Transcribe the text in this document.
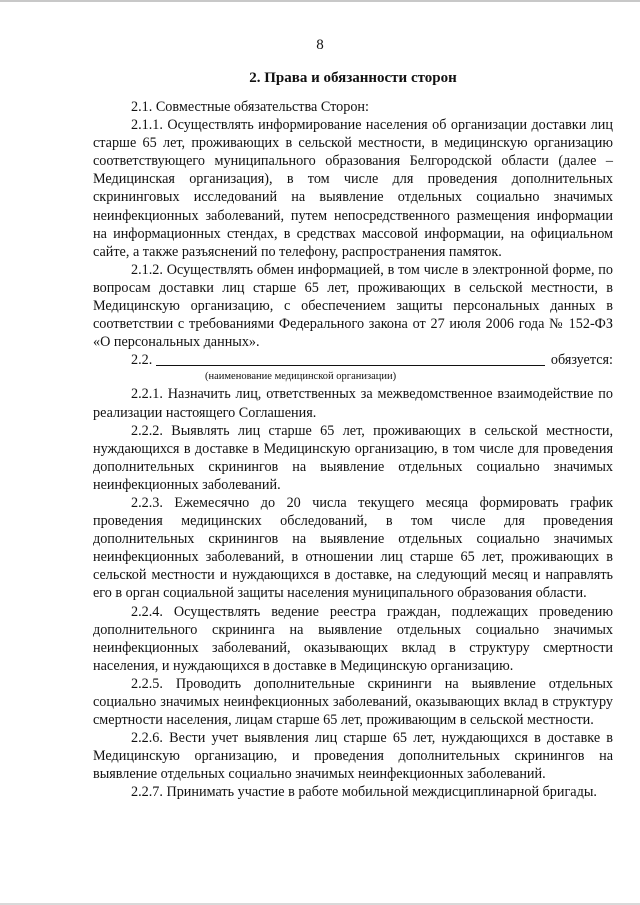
8
2. Права и обязанности сторон

2.1. Совместные обязательства Сторон:

2.1.1. Осуществлять информирование населения об организации доставки лиц старше 65 лет, проживающих в сельской местности, в медицинскую организацию соответствующего муниципального образования Белгородской области (далее – Медицинская организация), в том числе для проведения дополнительных скрининговых исследований на выявление отдельных социально значимых неинфекционных заболеваний, путем непосредственного размещения информации на информационных стендах, в средствах массовой информации, на официальном сайте, а также разъяснений по телефону, распространения памяток.

2.1.2. Осуществлять обмен информацией, в том числе в электронной форме, по вопросам доставки лиц старше 65 лет, проживающих в сельской местности, в Медицинскую организацию, с обеспечением защиты персональных данных в соответствии с требованиями Федерального закона от 27 июля 2006 года № 152-ФЗ «О персональных данных».

2.2.	обязуется:
(наименование медицинской организации)

2.2.1. Назначить лиц, ответственных за межведомственное взаимодействие по реализации настоящего Соглашения.

2.2.2. Выявлять лиц старше 65 лет, проживающих в сельской местности, нуждающихся в доставке в Медицинскую организацию, в том числе для проведения дополнительных скринингов на выявление отдельных социально значимых неинфекционных заболеваний.

2.2.3. Ежемесячно до 20 числа текущего месяца формировать график проведения медицинских обследований, в том числе для проведения дополнительных скринингов на выявление отдельных социально значимых неинфекционных заболеваний, в отношении лиц старше 65 лет, проживающих в сельской местности и нуждающихся в доставке, на следующий месяц и направлять его в орган социальной защиты населения муниципального образования области.

2.2.4. Осуществлять ведение реестра граждан, подлежащих проведению дополнительного скрининга на выявление отдельных социально значимых неинфекционных заболеваний, оказывающих вклад в структуру смертности населения, и нуждающихся в доставке в Медицинскую организацию.

2.2.5. Проводить дополнительные скрининги на выявление отдельных социально значимых неинфекционных заболеваний, оказывающих вклад в структуру смертности населения, лицам старше 65 лет, проживающим в сельской местности.

2.2.6. Вести учет выявления лиц старше 65 лет, нуждающихся в доставке в Медицинскую организацию, и проведения дополнительных скринингов на выявление отдельных социально значимых неинфекционных заболеваний.

2.2.7. Принимать участие в работе мобильной междисциплинарной бригады.
